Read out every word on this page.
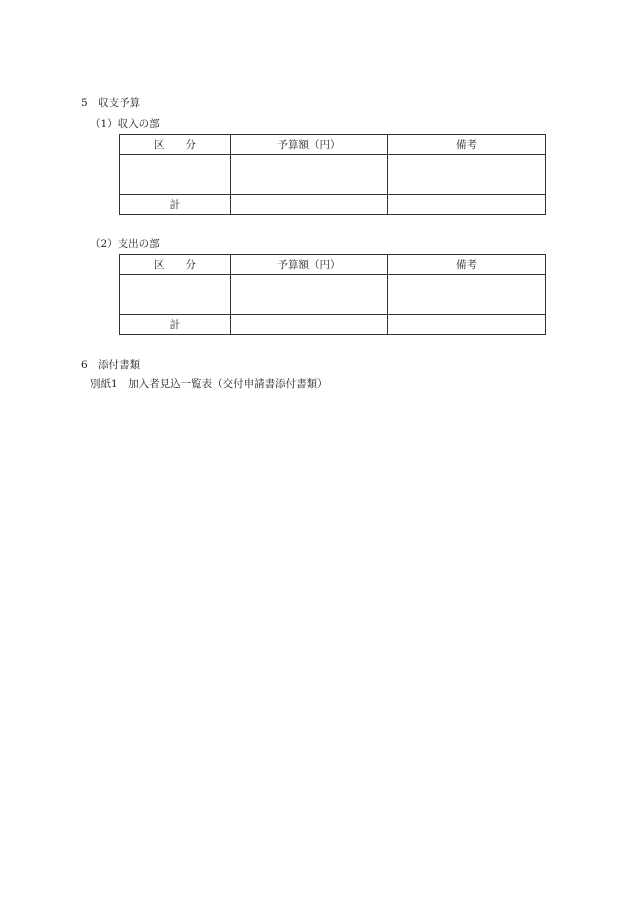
5　収支予算
（1）収入の部
区　　分	予算額（円）	備考

計		
（2）支出の部
区　　分	予算額（円）	備考

計		
6　添付書類
別紙1　加入者見込一覧表（交付申請書添付書類）
